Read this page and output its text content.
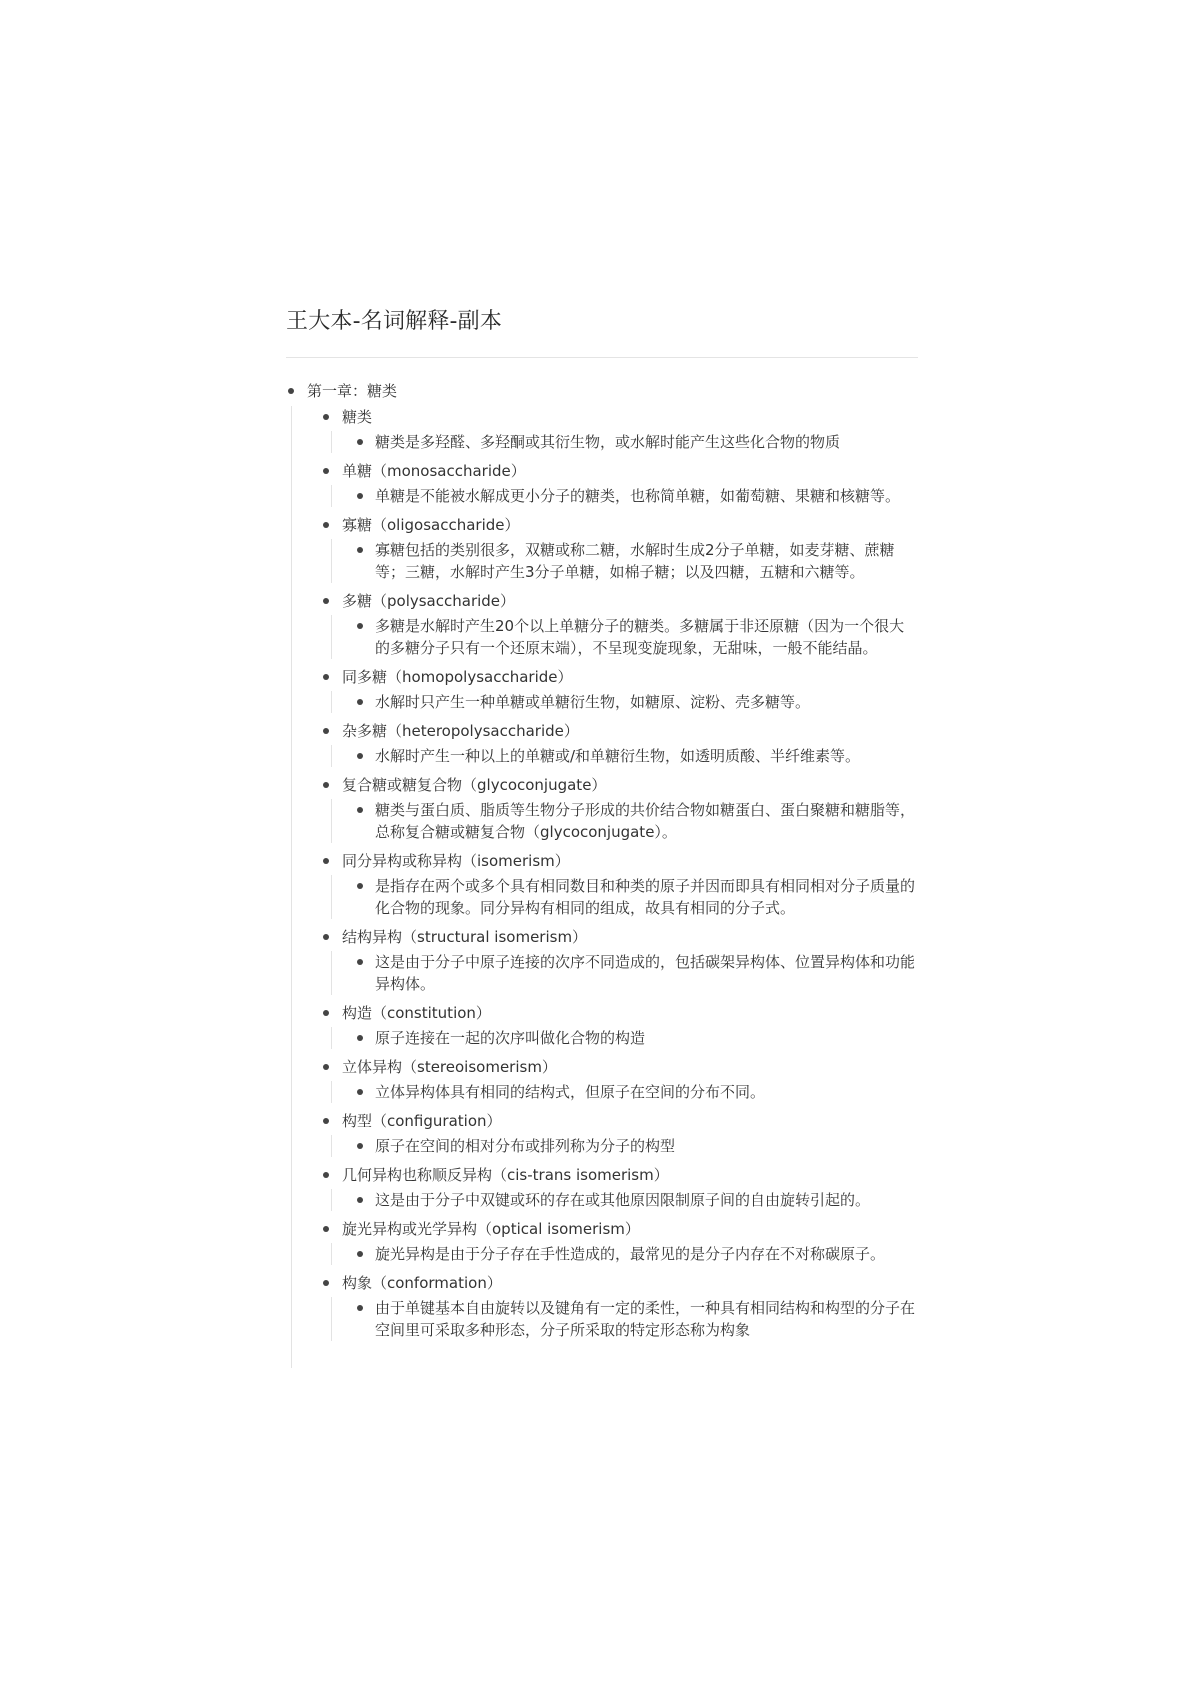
王大本-名词解释-副本
第一章：糖类
糖类
糖类是多羟醛、多羟酮或其衍生物，或水解时能产生这些化合物的物质
单糖（monosaccharide）
单糖是不能被水解成更小分子的糖类，也称简单糖，如葡萄糖、果糖和核糖等。
寡糖（oligosaccharide）
寡糖包括的类别很多，双糖或称二糖，水解时生成2分子单糖，如麦芽糖、蔗糖等；三糖，水解时产生3分子单糖，如棉子糖；以及四糖，五糖和六糖等。
多糖（polysaccharide）
多糖是水解时产生20个以上单糖分子的糖类。多糖属于非还原糖（因为一个很大的多糖分子只有一个还原末端），不呈现变旋现象，无甜味，一般不能结晶。
同多糖（homopolysaccharide）
水解时只产生一种单糖或单糖衍生物，如糖原、淀粉、壳多糖等。
杂多糖（heteropolysaccharide）
水解时产生一种以上的单糖或/和单糖衍生物，如透明质酸、半纤维素等。
复合糖或糖复合物（glycoconjugate）
糖类与蛋白质、脂质等生物分子形成的共价结合物如糖蛋白、蛋白聚糖和糖脂等，总称复合糖或糖复合物（glycoconjugate）。
同分异构或称异构（isomerism）
是指存在两个或多个具有相同数目和种类的原子并因而即具有相同相对分子质量的化合物的现象。同分异构有相同的组成，故具有相同的分子式。
结构异构（structural isomerism）
这是由于分子中原子连接的次序不同造成的，包括碳架异构体、位置异构体和功能异构体。
构造（constitution）
原子连接在一起的次序叫做化合物的构造
立体异构（stereoisomerism）
立体异构体具有相同的结构式，但原子在空间的分布不同。
构型（configuration）
原子在空间的相对分布或排列称为分子的构型
几何异构也称顺反异构（cis-trans isomerism）
这是由于分子中双键或环的存在或其他原因限制原子间的自由旋转引起的。
旋光异构或光学异构（optical isomerism）
旋光异构是由于分子存在手性造成的，最常见的是分子内存在不对称碳原子。
构象（conformation）
由于单键基本自由旋转以及键角有一定的柔性，一种具有相同结构和构型的分子在空间里可采取多种形态，分子所采取的特定形态称为构象
